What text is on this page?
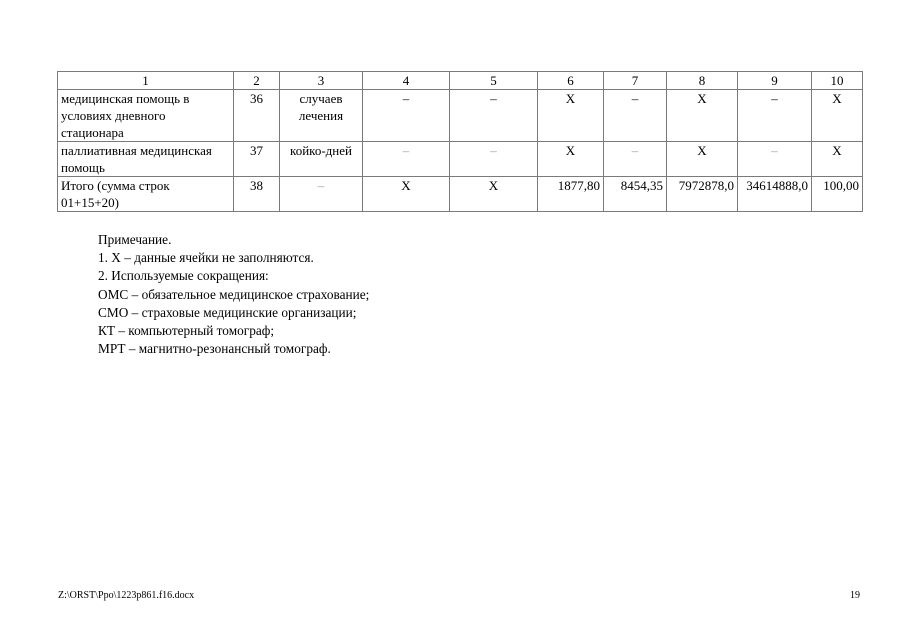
1	2	3	4	5	6	7	8	9	10
медицинская помощь в условиях дневного стационара	36	случаев лечения	–	–	Х	–	Х	–	Х
паллиативная медицинская помощь	37	койко-дней	–	–	Х	–	Х	–	Х
Итого (сумма строк 01+15+20)	38	–	Х	Х	1877,80	8454,35	7972878,0	34614888,0	100,00
Примечание.
1. Х – данные ячейки не заполняются.
2. Используемые сокращения:
ОМС – обязательное медицинское страхование;
СМО – страховые медицинские организации;
КТ – компьютерный томограф;
МРТ – магнитно-резонансный томограф.
Z:\ORST\Ppo\1223p861.f16.docx	19
